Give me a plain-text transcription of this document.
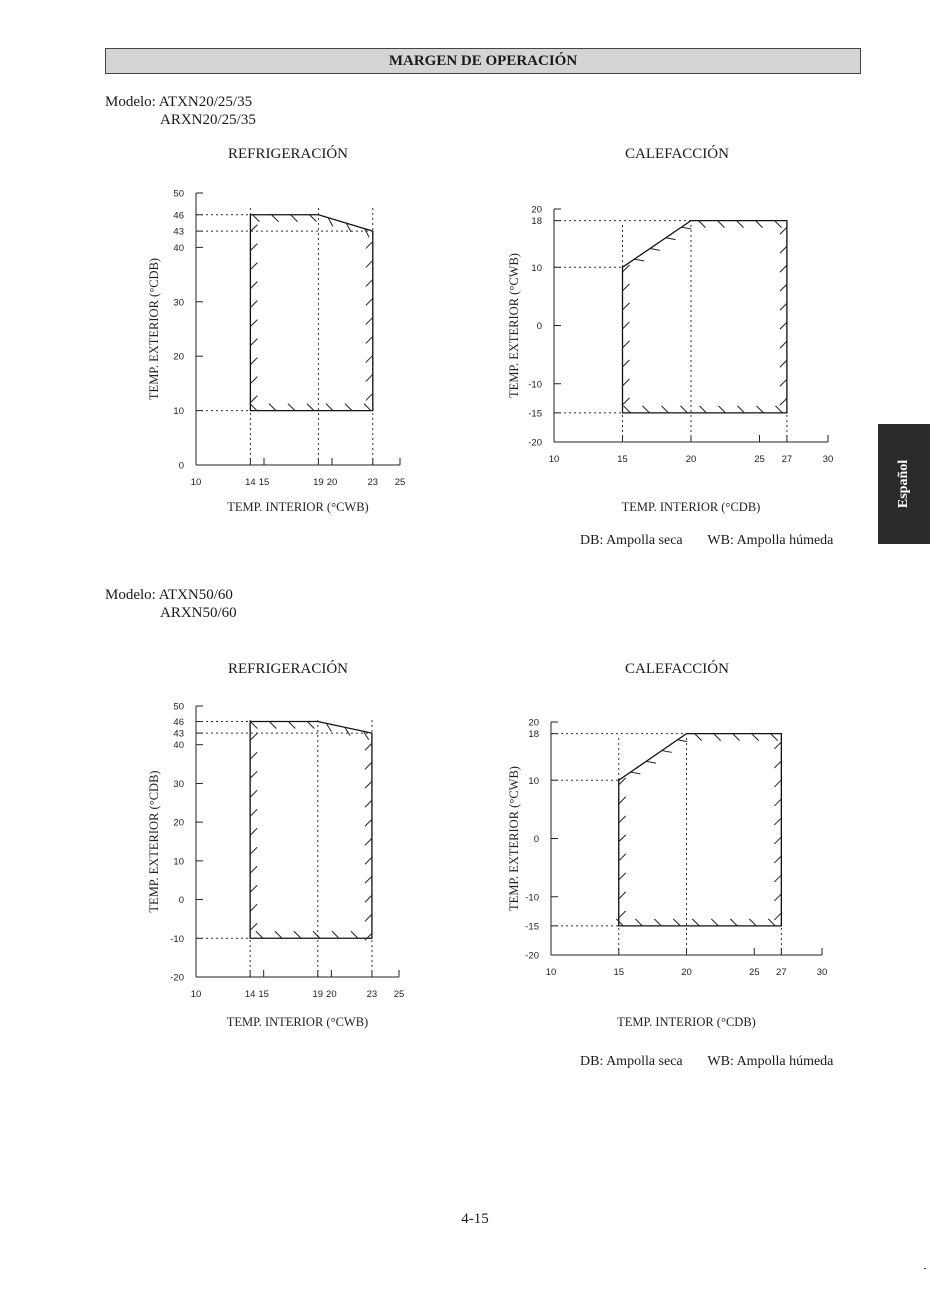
MARGEN DE OPERACIÓN
Modelo: ATXN20/25/35
ARXN20/25/35
REFRIGERACIÓN	CALEFACCIÓN
0
10
20
30
40
43
46
50
10	14 15	19 20	23 25
TEMP. INTERIOR (°CWB)
TEMP. EXTERIOR (°CDB)
-20
-15
-10
0
10
18
20
10	15	20	25 27	30
TEMP. INTERIOR (°CDB)
TEMP. EXTERIOR (°CWB)
DB: Ampolla seca WB: Ampolla húmeda
Modelo: ATXN50/60
ARXN50/60
REFRIGERACIÓN	CALEFACCIÓN
-20
-10
0
10
20
30
40
43
46
50
10	14 15	19 20	23 25
TEMP. INTERIOR (°CWB)
TEMP. EXTERIOR (°CDB)
-20
-15
-10
0
10
18
20
10	15	20	25 27	30
TEMP. INTERIOR (°CDB)
TEMP. EXTERIOR (°CWB)
DB: Ampolla seca WB: Ampolla húmeda
Español
4-15
